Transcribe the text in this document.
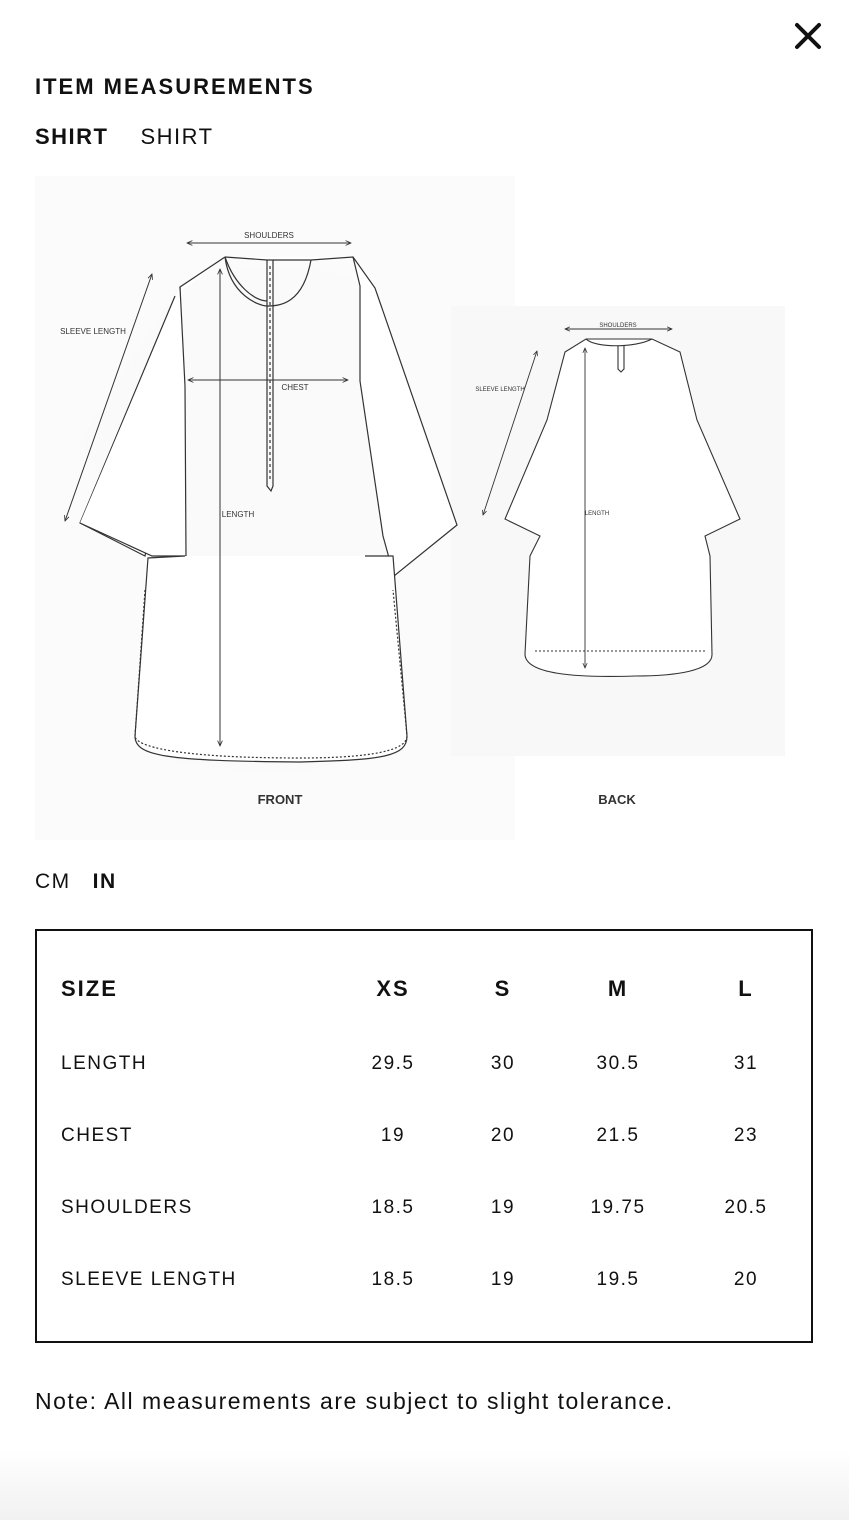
ITEM MEASUREMENTS
SHIRT SHIRT
SHOULDERS
SLEEVE LENGTH
CHEST
LENGTH
SHOULDERS
SLEEVE LENGTH
LENGTH
FRONT	BACK
CM IN
SIZE	XS	S	M	L
LENGTH	29.5	30	30.5	31
CHEST	19	20	21.5	23
SHOULDERS	18.5	19	19.75	20.5
SLEEVE LENGTH	18.5	19	19.5	20
Note: All measurements are subject to slight tolerance.
